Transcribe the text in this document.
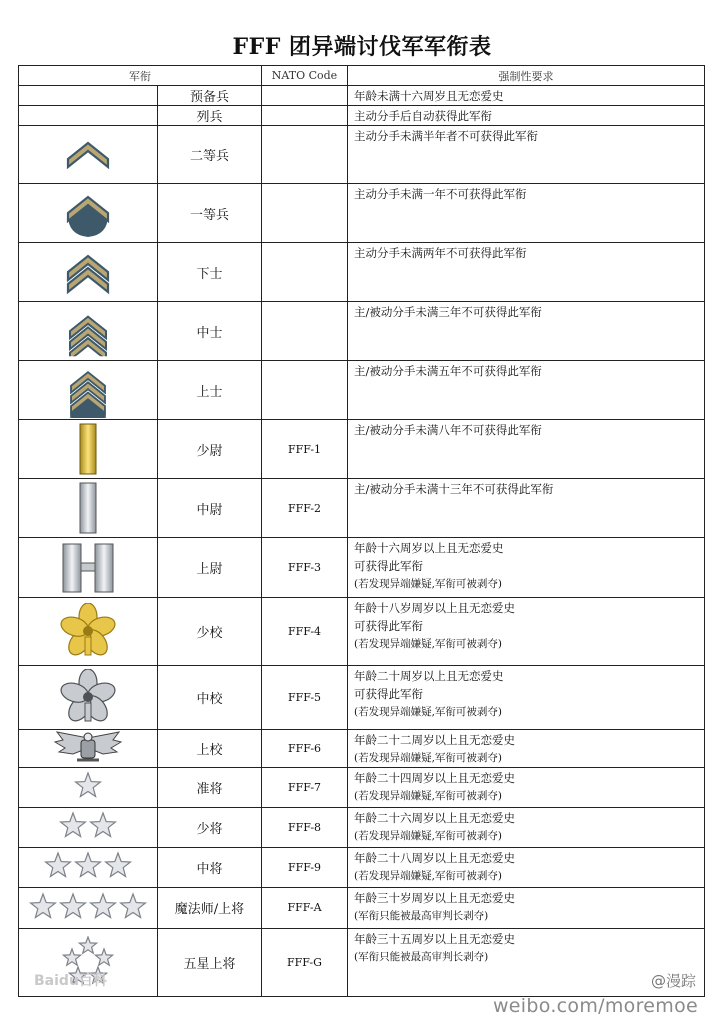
FFF 团异端讨伐军军衔表
军衔		NATO Code	强制性要求
	预备兵		年龄未满十六周岁且无恋爱史

	列兵		主动分手后自动获得此军衔

	二等兵		主动分手未满半年者不可获得此军衔

	一等兵		主动分手未满一年不可获得此军衔

	下士		主动分手未满两年不可获得此军衔

	中士		主/被动分手未满三年不可获得此军衔

	上士		主/被动分手未满五年不可获得此军衔

	少尉	FFF-1	主/被动分手未满八年不可获得此军衔

	中尉	FFF-2	主/被动分手未满十三年不可获得此军衔

	上尉	FFF-3	年龄十六周岁以上且无恋爱史
可获得此军衔
(若发现异端嫌疑,军衔可被剥夺)

	少校	FFF-4	年龄十八岁周岁以上且无恋爱史
可获得此军衔
(若发现异端嫌疑,军衔可被剥夺)

	中校	FFF-5	年龄二十周岁以上且无恋爱史
可获得此军衔
(若发现异端嫌疑,军衔可被剥夺)

	上校	FFF-6	年龄二十二周岁以上且无恋爱史
(若发现异端嫌疑,军衔可被剥夺)

	准将	FFF-7	年龄二十四周岁以上且无恋爱史
(若发现异端嫌疑,军衔可被剥夺)

	少将	FFF-8	年龄二十六周岁以上且无恋爱史
(若发现异端嫌疑,军衔可被剥夺)

	中将	FFF-9	年龄二十八周岁以上且无恋爱史
(若发现异端嫌疑,军衔可被剥夺)

	魔法师/上将	FFF-A	年龄三十岁周岁以上且无恋爱史
(军衔只能被最高审判长剥夺)

	五星上将	FFF-G	年龄三十五周岁以上且无恋爱史
(军衔只能被最高审判长剥夺)
Baidu百科	@漫踪
weibo.com/moremoe
